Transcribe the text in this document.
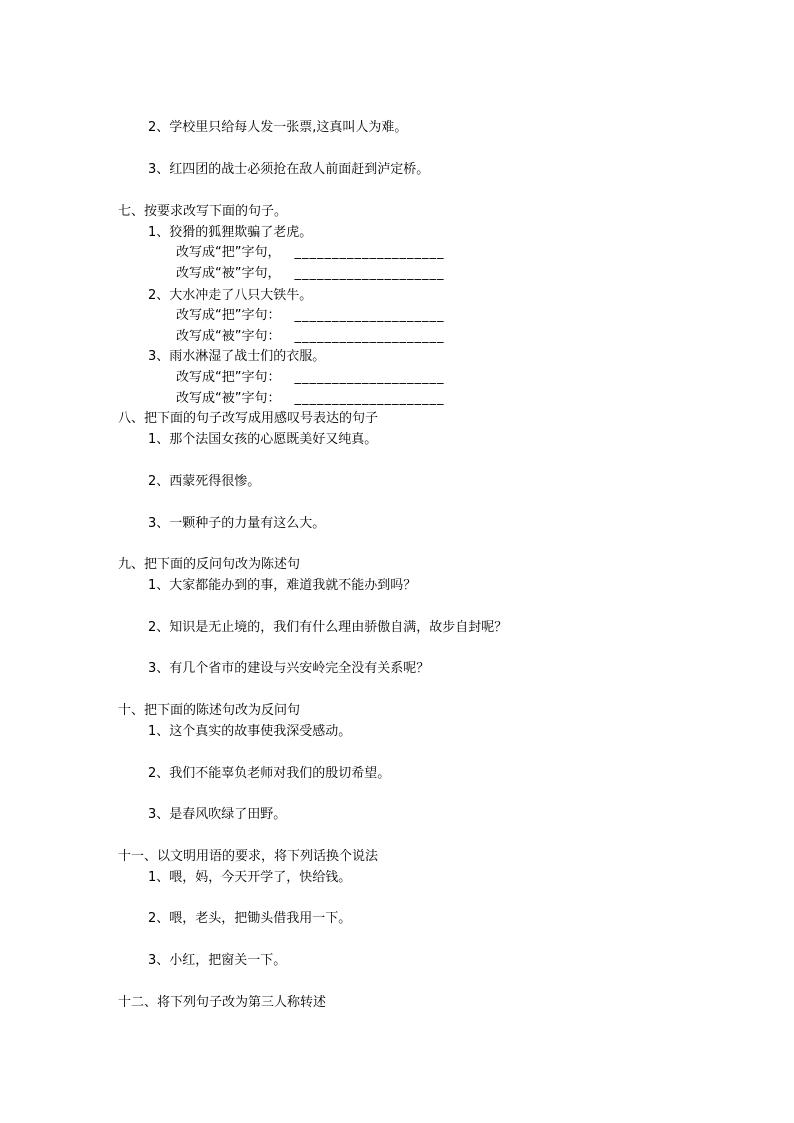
2、学校里只给每人发一张票,这真叫人为难。
3、红四团的战士必须抢在敌人前面赶到泸定桥。
七、按要求改写下面的句子。
1、狡猾的狐狸欺骗了老虎。
改写成“把”字句， ____________________
改写成“被”字句， ____________________
2、大水冲走了八只大铁牛。
改写成“把”字句： ____________________
改写成“被”字句： ____________________
3、雨水淋湿了战士们的衣服。
改写成“把”字句： ____________________
改写成“被”字句： ____________________
八、把下面的句子改写成用感叹号表达的句子
1、那个法国女孩的心愿既美好又纯真。
2、西蒙死得很惨。
3、一颗种子的力量有这么大。
九、把下面的反问句改为陈述句
1、大家都能办到的事，难道我就不能办到吗？
2、知识是无止境的，我们有什么理由骄傲自满，故步自封呢？
3、有几个省市的建设与兴安岭完全没有关系呢？
十、把下面的陈述句改为反问句
1、这个真实的故事使我深受感动。
2、我们不能辜负老师对我们的殷切希望。
3、是春风吹绿了田野。
十一、以文明用语的要求，将下列话换个说法
1、喂，妈，今天开学了，快给钱。
2、喂，老头，把锄头借我用一下。
3、小红，把窗关一下。
十二、将下列句子改为第三人称转述
